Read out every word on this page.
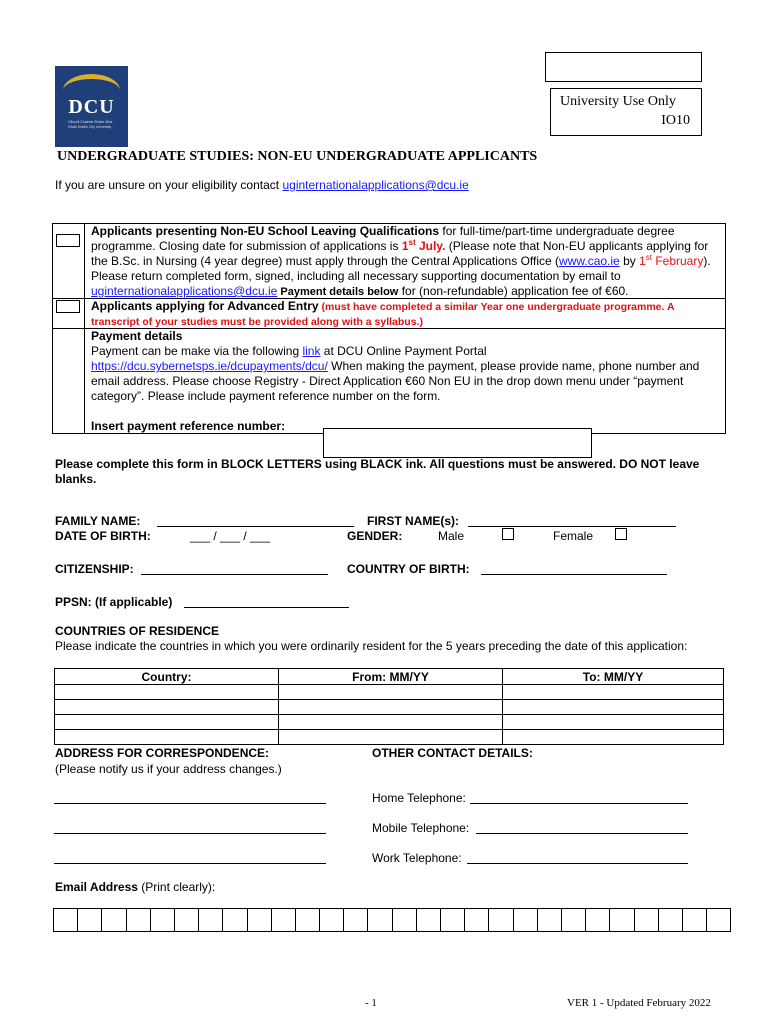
DCU
Ollscoil Chathair Bhaile Átha Cliath Dublin City University
University Use Only
IO10
UNDERGRADUATE STUDIES: NON-EU UNDERGRADUATE APPLICANTS
If you are unsure on your eligibility contact uginternationalapplications@dcu.ie
Applicants presenting Non-EU School Leaving Qualifications for full-time/part-time undergraduate degree programme. Closing date for submission of applications is 1st July. (Please note that Non-EU applicants applying for the B.Sc. in Nursing (4 year degree) must apply through the Central Applications Office (www.cao.ie by 1st February). Please return completed form, signed, including all necessary supporting documentation by email to uginternationalapplications@dcu.ie Payment details below for (non-refundable) application fee of €60.
Applicants applying for Advanced Entry (must have completed a similar Year one undergraduate programme. A transcript of your studies must be provided along with a syllabus.)
Payment details
Payment can be make via the following link at DCU Online Payment Portal
https://dcu.sybernetsps.ie/dcupayments/dcu/ When making the payment, please provide name, phone number and email address. Please choose Registry - Direct Application €60 Non EU in the drop down menu under “payment category”. Please include payment reference number on the form.
Insert payment reference number:
Please complete this form in BLOCK LETTERS using BLACK ink. All questions must be answered. DO NOT leave blanks.
FAMILY NAME:	FIRST NAME(s):
DATE OF BIRTH:	___ / ___ / ___	GENDER:	Male	Female
CITIZENSHIP:	COUNTRY OF BIRTH:
PPSN: (If applicable)
COUNTRIES OF RESIDENCE
Please indicate the countries in which you were ordinarily resident for the 5 years preceding the date of this application:
Country:	From: MM/YY	To: MM/YY

ADDRESS FOR CORRESPONDENCE:
(Please notify us if your address changes.)
OTHER CONTACT DETAILS:
Home Telephone:
Mobile Telephone:
Work Telephone:
Email Address (Print clearly):
- 1	VER 1 - Updated February 2022
